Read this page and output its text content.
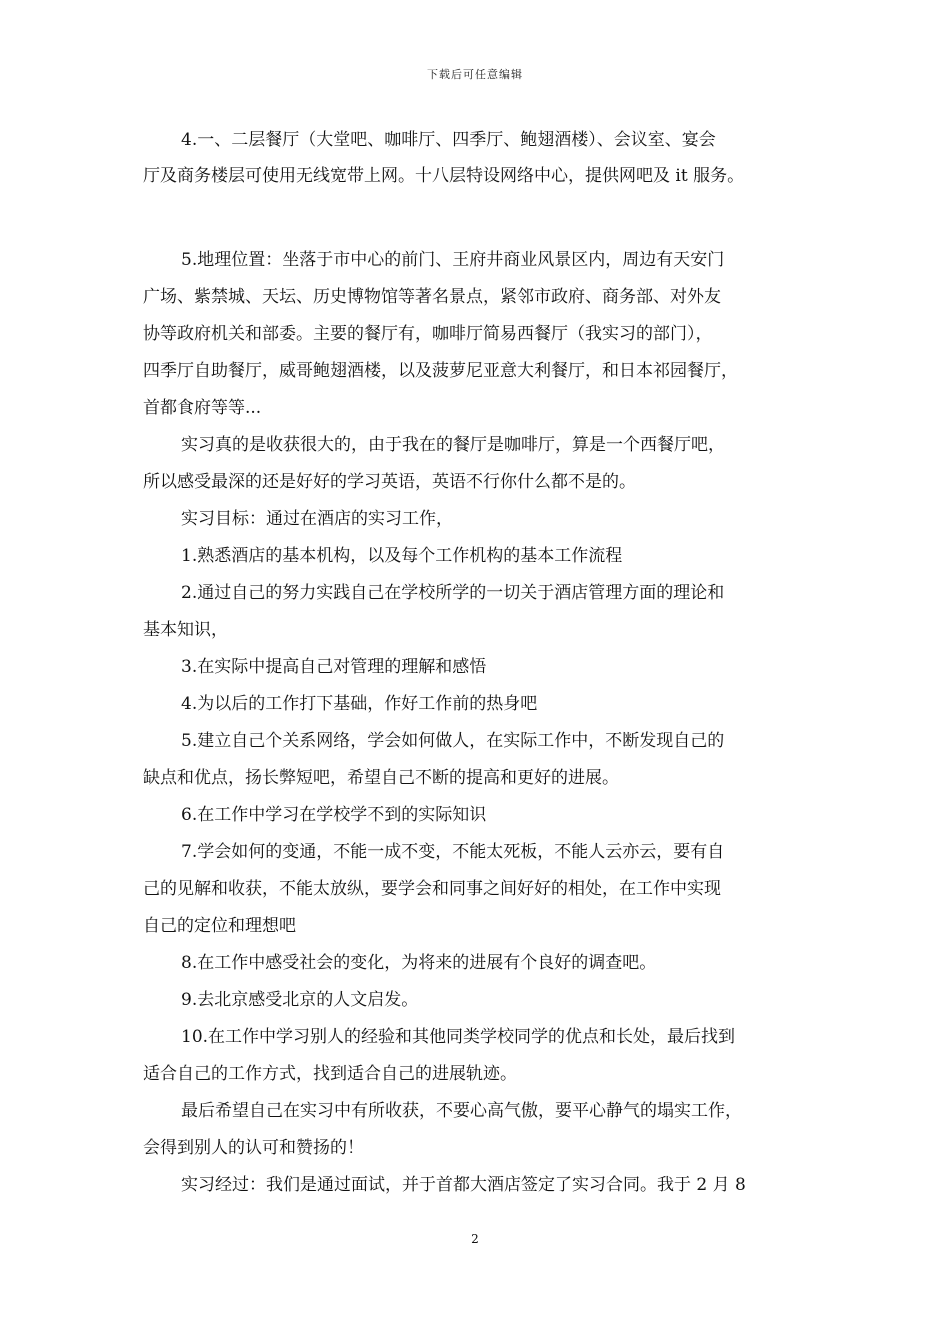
下载后可任意编辑
4.一、二层餐厅（大堂吧、咖啡厅、四季厅、鲍翅酒楼）、会议室、宴会
厅及商务楼层可使用无线宽带上网。十八层特设网络中心，提供网吧及 it 服务。
5.地理位置：坐落于市中心的前门、王府井商业风景区内，周边有天安门
广场、紫禁城、天坛、历史博物馆等著名景点，紧邻市政府、商务部、对外友
协等政府机关和部委。主要的餐厅有，咖啡厅简易西餐厅（我实习的部门），
四季厅自助餐厅，威哥鲍翅酒楼，以及菠萝尼亚意大利餐厅，和日本祁园餐厅，
首都食府等等...
实习真的是收获很大的，由于我在的餐厅是咖啡厅，算是一个西餐厅吧，
所以感受最深的还是好好的学习英语，英语不行你什么都不是的。
实习目标：通过在酒店的实习工作，
1.熟悉酒店的基本机构，以及每个工作机构的基本工作流程
2.通过自己的努力实践自己在学校所学的一切关于酒店管理方面的理论和
基本知识，
3.在实际中提高自己对管理的理解和感悟
4.为以后的工作打下基础，作好工作前的热身吧
5.建立自己个关系网络，学会如何做人，在实际工作中，不断发现自己的
缺点和优点，扬长弊短吧，希望自己不断的提高和更好的进展。
6.在工作中学习在学校学不到的实际知识
7.学会如何的变通，不能一成不变，不能太死板，不能人云亦云，要有自
己的见解和收获，不能太放纵，要学会和同事之间好好的相处，在工作中实现
自己的定位和理想吧
8.在工作中感受社会的变化，为将来的进展有个良好的调查吧。
9.去北京感受北京的人文启发。
10.在工作中学习别人的经验和其他同类学校同学的优点和长处，最后找到
适合自己的工作方式，找到适合自己的进展轨迹。
最后希望自己在实习中有所收获，不要心高气傲，要平心静气的塌实工作，
会得到别人的认可和赞扬的！
实习经过：我们是通过面试，并于首都大酒店签定了实习合同。我于 2 月 8
2
